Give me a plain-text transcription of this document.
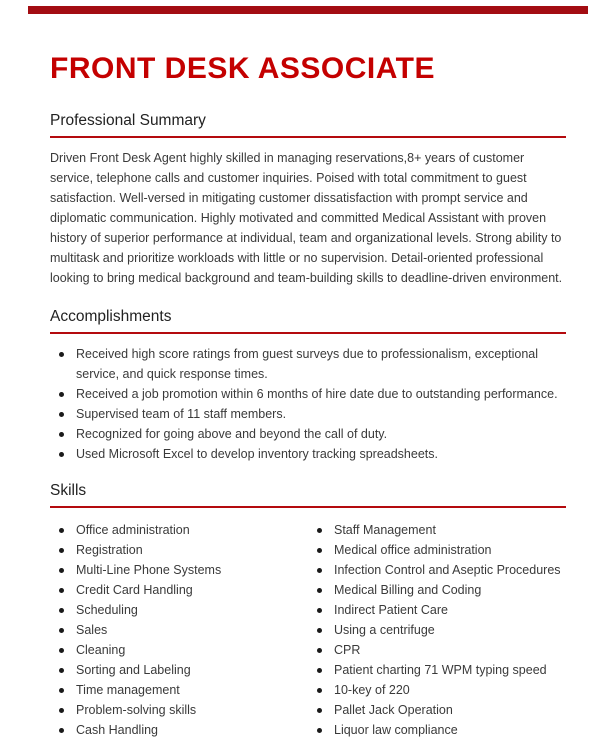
FRONT DESK ASSOCIATE
Professional Summary

Driven Front Desk Agent highly skilled in managing reservations,8+ years of customer service, telephone calls and customer inquiries. Poised with total commitment to guest satisfaction. Well-versed in mitigating customer dissatisfaction with prompt service and diplomatic communication. Highly motivated and committed Medical Assistant with proven history of superior performance at individual, team and organizational levels. Strong ability to multitask and prioritize workloads with little or no supervision. Detail-oriented professional looking to bring medical background and team-building skills to deadline-driven environment.

Accomplishments
Received high score ratings from guest surveys due to professionalism, exceptional service, and quick response times.
Received a job promotion within 6 months of hire date due to outstanding performance.
Supervised team of 11 staff members.
Recognized for going above and beyond the call of duty.
Used Microsoft Excel to develop inventory tracking spreadsheets.
Skills
Office administration
Registration
Multi-Line Phone Systems
Credit Card Handling
Scheduling
Sales
Cleaning
Sorting and Labeling
Time management
Problem-solving skills
Cash Handling
Staff Management
Medical office administration
Infection Control and Aseptic Procedures
Medical Billing and Coding
Indirect Patient Care
Using a centrifuge
CPR
Patient charting 71 WPM typing speed
10-key of 220
Pallet Jack Operation
Liquor law compliance
